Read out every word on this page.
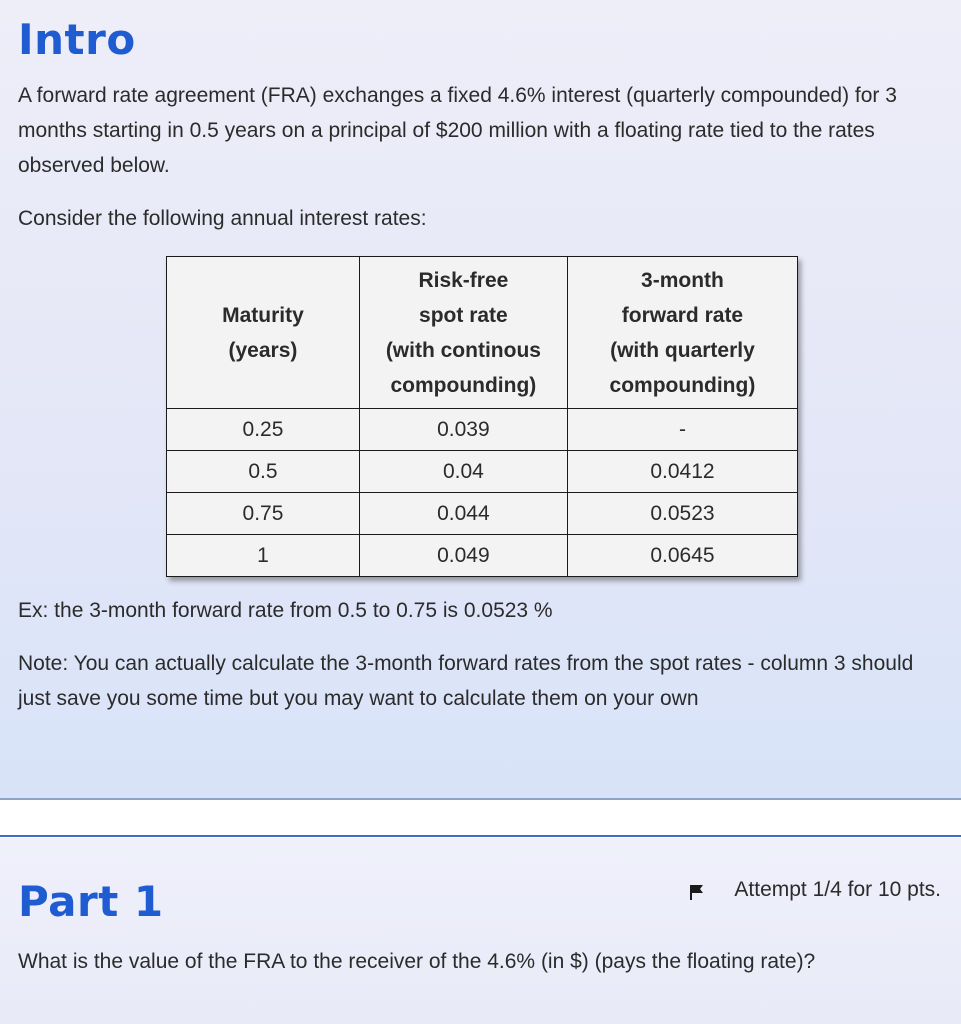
Intro

A forward rate agreement (FRA) exchanges a fixed 4.6% interest (quarterly compounded) for 3 months starting in 0.5 years on a principal of $200 million with a floating rate tied to the rates observed below.

Consider the following annual interest rates:

Maturity
(years)	Risk-free
spot rate
(with continous
compounding)	3-month
forward rate
(with quarterly
compounding)
0.25	0.039	-
0.5	0.04	0.0412
0.75	0.044	0.0523
1	0.049	0.0645

Ex: the 3-month forward rate from 0.5 to 0.75 is 0.0523 %

Note: You can actually calculate the 3-month forward rates from the spot rates - column 3 should just save you some time but you may want to calculate them on your own

Part 1	Attempt 1/4 for 10 pts.

What is the value of the FRA to the receiver of the 4.6% (in $) (pays the floating rate)?
